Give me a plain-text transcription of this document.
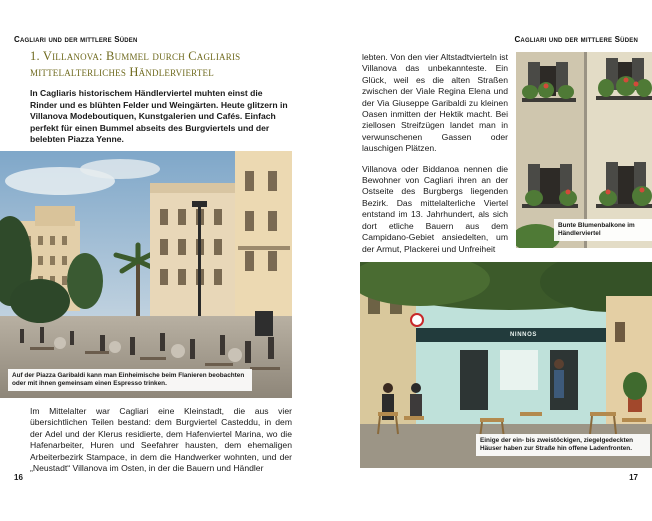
Cagliari und der mittlere Süden
1. Villanova: Bummel durch Cagliaris mittelalterliches Händlerviertel
In Cagliaris historischem Händlerviertel muhten einst die Rinder und es blühten Felder und Weingärten. Heute glitzern in Villanova Modeboutiquen, Kunstgalerien und Cafés. Einfach perfekt für einen Bummel abseits des Burgviertels und der belebten Piazza Yenne.
Auf der Piazza Garibaldi kann man Einheimische beim Flanieren beobachten oder mit ihnen gemeinsam einen Espresso trinken.
Im Mittelalter war Cagliari eine Kleinstadt, die aus vier übersichtlichen Teilen bestand: dem Burgviertel Casteddu, in dem der Adel und der Klerus residierte, dem Hafenviertel Marina, wo die Hafenarbeiter, Huren und Seefahrer hausten, dem ehemaligen Arbeiterbezirk Stampace, in dem die Handwerker wohnten, und der „Neustadt“ Villanova im Osten, in der die Bauern und Händler
16
Cagliari und der mittlere Süden

lebten. Von den vier Altstadtvierteln ist Villanova das unbekannteste. Ein Glück, weil es die alten Straßen zwischen der Viale Regina Elena und der Via Giuseppe Garibaldi zu kleinen Oasen inmitten der Hektik macht. Bei ziellosen Streifzügen landet man in verwunschenen Gassen oder lauschigen Plätzen.

Villanova oder Biddanoa nennen die Bewohner von Cagliari ihren an der Ostseite des Burgbergs liegenden Bezirk. Das mittelalterliche Viertel entstand im 13. Jahrhundert, als sich dort etliche Bauern aus dem Campidano-Gebiet ansiedelten, um der Armut, Plackerei und Unfreiheit

Bunte Blumenbalkone im Händlerviertel
NINNOS
Einige der ein- bis zweistöckigen, ziegelgedeckten Häuser haben zur Straße hin offene Ladenfronten.
17
